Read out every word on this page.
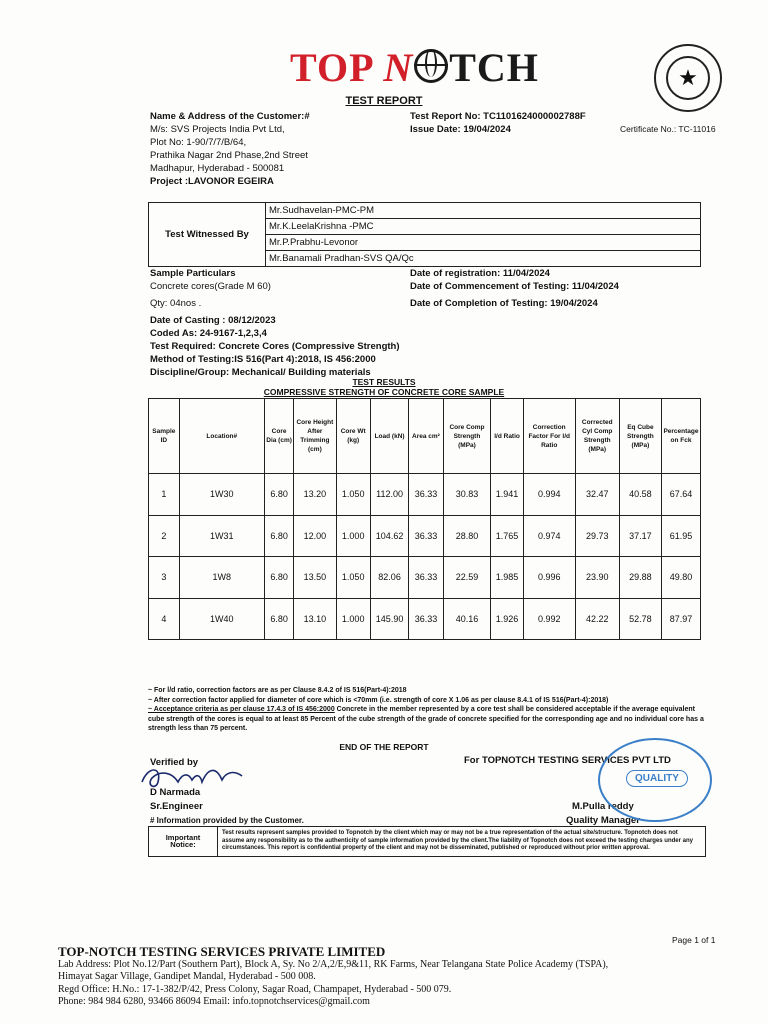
TOP N TCH	★
Certificate No.: TC-11016
TEST REPORT
Name & Address of the Customer:#
M/s: SVS Projects India Pvt Ltd,
Plot No: 1-90/7/7/B/64,
Prathika Nagar 2nd Phase,2nd Street
Madhapur, Hyderabad - 500081
Project :LAVONOR EGEIRA
Test Report No: TC1101624000002788F
Issue Date: 19/04/2024
Test Witnessed By	Mr.Sudhavelan-PMC-PM
Mr.K.LeelaKrishna -PMC
Mr.P.Prabhu-Levonor
Mr.Banamali Pradhan-SVS QA/Qc
Sample Particulars
Concrete cores(Grade M 60)
Qty: 04nos .
Date of Casting : 08/12/2023
Coded As: 24-9167-1,2,3,4
Test Required: Concrete Cores (Compressive Strength)
Method of Testing:IS 516(Part 4):2018, IS 456:2000
Discipline/Group: Mechanical/ Building materials
Date of registration: 11/04/2024
Date of Commencement of Testing: 11/04/2024
Date of Completion of Testing: 19/04/2024
TEST RESULTS
COMPRESSIVE STRENGTH OF CONCRETE CORE SAMPLE
Sample ID	Location#	Core Dia (cm)	Core Height After Trimming (cm)	Core Wt (kg)	Load (kN)	Area cm²	Core Comp Strength (MPa)	l/d Ratio	Correction Factor For l/d Ratio	Corrected Cyl Comp Strength (MPa)	Eq Cube Strength (MPa)	Percentage on Fck
1	1W30	6.80	13.20	1.050	112.00	36.33	30.83	1.941	0.994	32.47	40.58	67.64
2	1W31	6.80	12.00	1.000	104.62	36.33	28.80	1.765	0.974	29.73	37.17	61.95
3	1W8	6.80	13.50	1.050	82.06	36.33	22.59	1.985	0.996	23.90	29.88	49.80
4	1W40	6.80	13.10	1.000	145.90	36.33	40.16	1.926	0.992	42.22	52.78	87.97
~ For l/d ratio, correction factors are as per Clause 8.4.2 of IS 516(Part-4):2018
~ After correction factor applied for diameter of core which is <70mm (i.e. strength of core X 1.06 as per clause 8.4.1 of IS 516(Part-4):2018)
~ Acceptance criteria as per clause 17.4.3 of IS 456:2000 Concrete in the member represented by a core test shall be considered acceptable if the average equivalent cube strength of the cores is equal to at least 85 Percent of the cube strength of the grade of concrete specified for the corresponding age and no individual core has a strength less than 75 percent.
END OF THE REPORT
Verified by	For TOPNOTCH TESTING SERVICES PVT LTD
D Narmada
Sr.Engineer	M.Pulla reddy
Quality Manager
# Information provided by the Customer.
QUALITY
Important Notice:	Test results represent samples provided to Topnotch by the client which may or may not be a true representation of the actual site/structure. Topnotch does not assume any responsibility as to the authenticity of sample information provided by the client.The liability of Topnotch does not exceed the testing charges under any circumstances. This report is confidential property of the client and may not be disseminated, published or reproduced without prior written approval.
Page 1 of 1
TOP-NOTCH TESTING SERVICES PRIVATE LIMITED
Lab Address: Plot No.12/Part (Southern Part), Block A, Sy. No 2/A,2/E,9&11, RK Farms, Near Telangana State Police Academy (TSPA),
Himayat Sagar Village, Gandipet Mandal, Hyderabad - 500 008.
Regd Office: H.No.: 17-1-382/P/42, Press Colony, Sagar Road, Champapet, Hyderabad - 500 079.
Phone: 984 984 6280, 93466 86094 Email: info.topnotchservices@gmail.com
